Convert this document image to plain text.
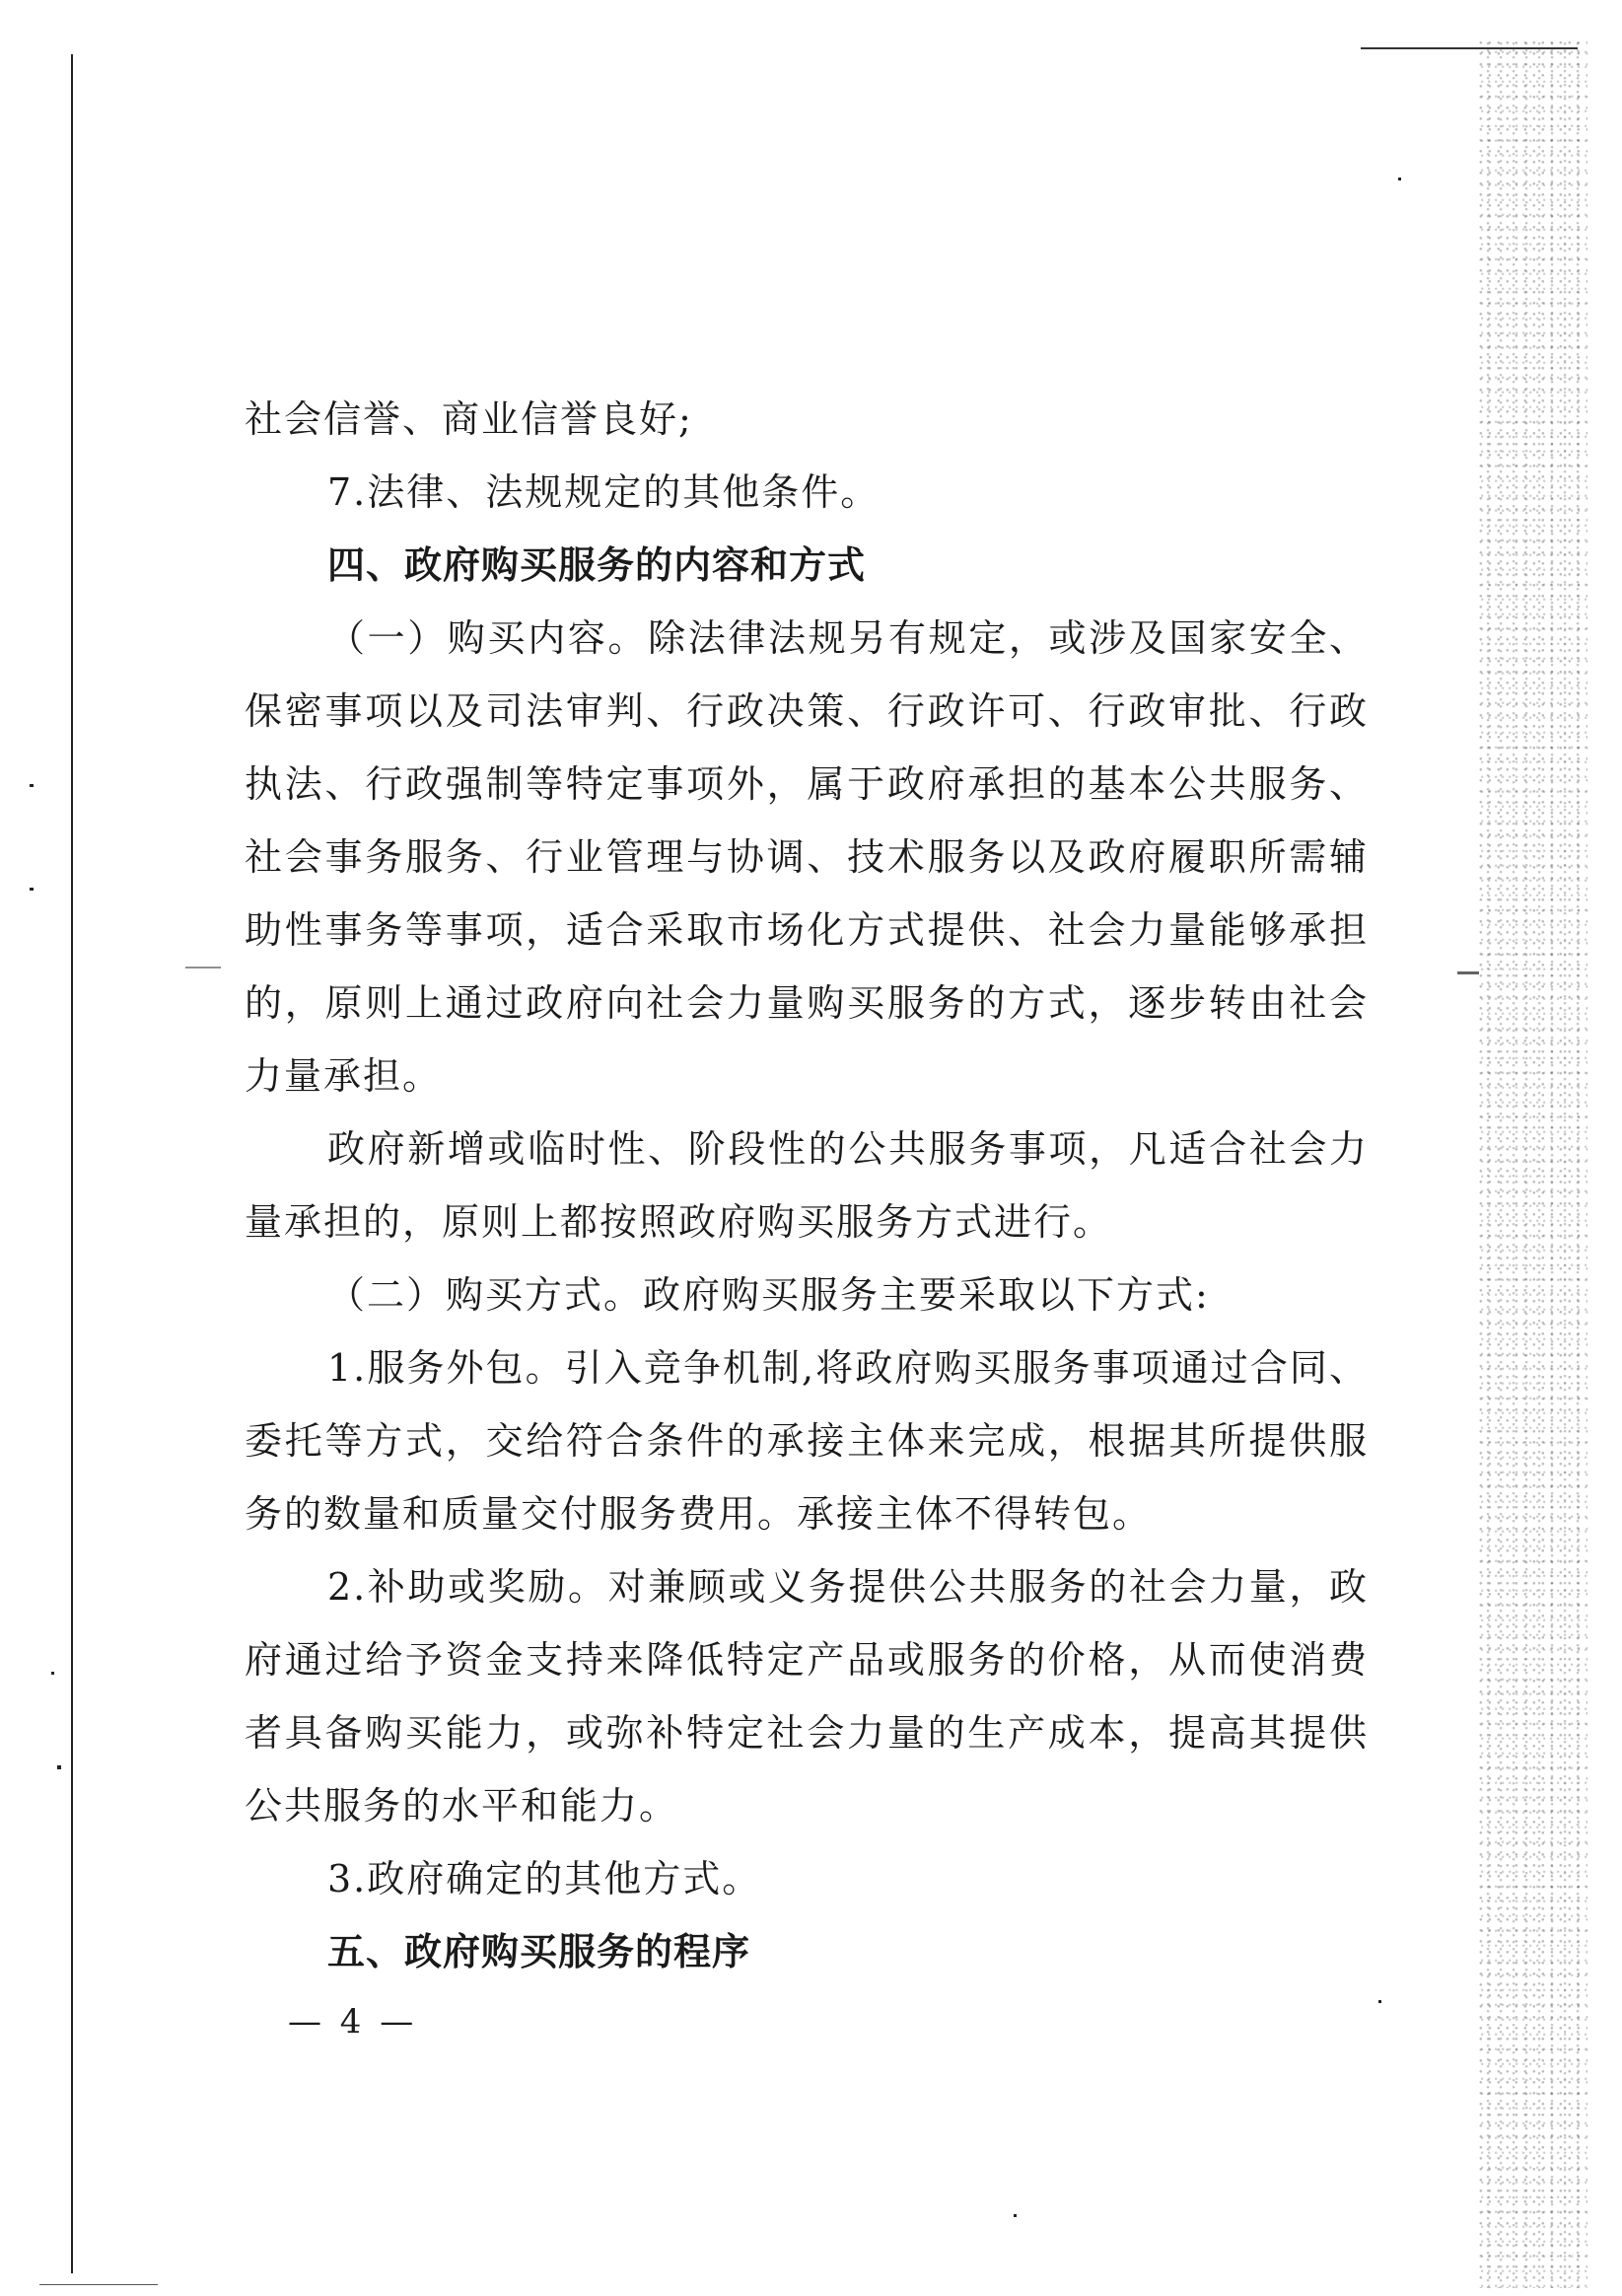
社会信誉、商业信誉良好;

7.法律、法规规定的其他条件。

四、政府购买服务的内容和方式

（一）购买内容。除法律法规另有规定，或涉及国家安全、保密事项以及司法审判、行政决策、行政许可、行政审批、行政执法、行政强制等特定事项外，属于政府承担的基本公共服务、社会事务服务、行业管理与协调、技术服务以及政府履职所需辅助性事务等事项，适合采取市场化方式提供、社会力量能够承担的，原则上通过政府向社会力量购买服务的方式，逐步转由社会力量承担。

政府新增或临时性、阶段性的公共服务事项，凡适合社会力量承担的，原则上都按照政府购买服务方式进行。

（二）购买方式。政府购买服务主要采取以下方式:

1.服务外包。引入竞争机制,将政府购买服务事项通过合同、委托等方式，交给符合条件的承接主体来完成，根据其所提供服务的数量和质量交付服务费用。承接主体不得转包。

2.补助或奖励。对兼顾或义务提供公共服务的社会力量，政府通过给予资金支持来降低特定产品或服务的价格，从而使消费者具备购买能力，或弥补特定社会力量的生产成本，提高其提供公共服务的水平和能力。

3.政府确定的其他方式。

五、政府购买服务的程序

— 4 —
